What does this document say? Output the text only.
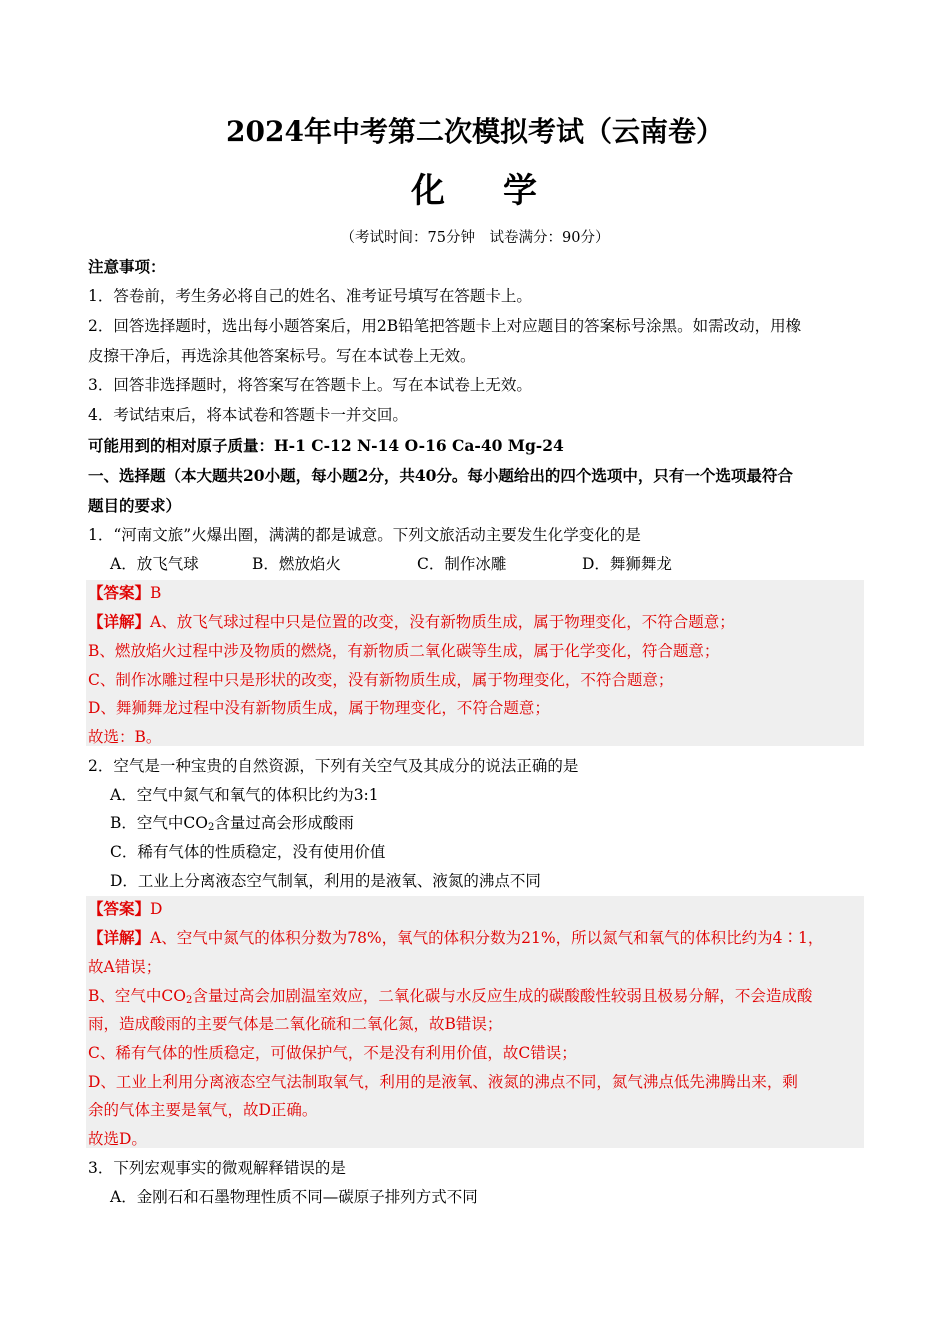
2024年中考第二次模拟考试（云南卷）
化 学
（考试时间：75分钟　试卷满分：90分）
注意事项：
1．答卷前，考生务必将自己的姓名、准考证号填写在答题卡上。
2．回答选择题时，选出每小题答案后，用2B铅笔把答题卡上对应题目的答案标号涂黑。如需改动，用橡
皮擦干净后，再选涂其他答案标号。写在本试卷上无效。
3．回答非选择题时，将答案写在答题卡上。写在本试卷上无效。
4．考试结束后，将本试卷和答题卡一并交回。
可能用到的相对原子质量：H-1 C-12 N-14 O-16 Ca-40 Mg-24
一、选择题（本大题共20小题，每小题2分，共40分。每小题给出的四个选项中，只有一个选项最符合
题目的要求）
1．“河南文旅”火爆出圈，满满的都是诚意。下列文旅活动主要发生化学变化的是
A．放飞气球	B．燃放焰火	C．制作冰雕	D．舞狮舞龙
【答案】B
【详解】A、放飞气球过程中只是位置的改变，没有新物质生成，属于物理变化，不符合题意；
B、燃放焰火过程中涉及物质的燃烧，有新物质二氧化碳等生成，属于化学变化，符合题意；
C、制作冰雕过程中只是形状的改变，没有新物质生成，属于物理变化，不符合题意；
D、舞狮舞龙过程中没有新物质生成，属于物理变化，不符合题意；
故选：B。
2．空气是一种宝贵的自然资源，下列有关空气及其成分的说法正确的是
A．空气中氮气和氧气的体积比约为3:1
B．空气中$CO_2$含量过高会形成酸雨
C．稀有气体的性质稳定，没有使用价值
D．工业上分离液态空气制氧，利用的是液氧、液氮的沸点不同
【答案】D
【详解】A、空气中氮气的体积分数为78%，氧气的体积分数为21%，所以氮气和氧气的体积比约为4∶1，
故A错误；
B、空气中$CO_2$含量过高会加剧温室效应，二氧化碳与水反应生成的碳酸酸性较弱且极易分解，不会造成酸
雨，造成酸雨的主要气体是二氧化硫和二氧化氮，故B错误；
C、稀有气体的性质稳定，可做保护气，不是没有利用价值，故C错误；
D、工业上利用分离液态空气法制取氧气，利用的是液氧、液氮的沸点不同，氮气沸点低先沸腾出来，剩
余的气体主要是氧气，故D正确。
故选D。
3．下列宏观事实的微观解释错误的是
A．金刚石和石墨物理性质不同—碳原子排列方式不同
